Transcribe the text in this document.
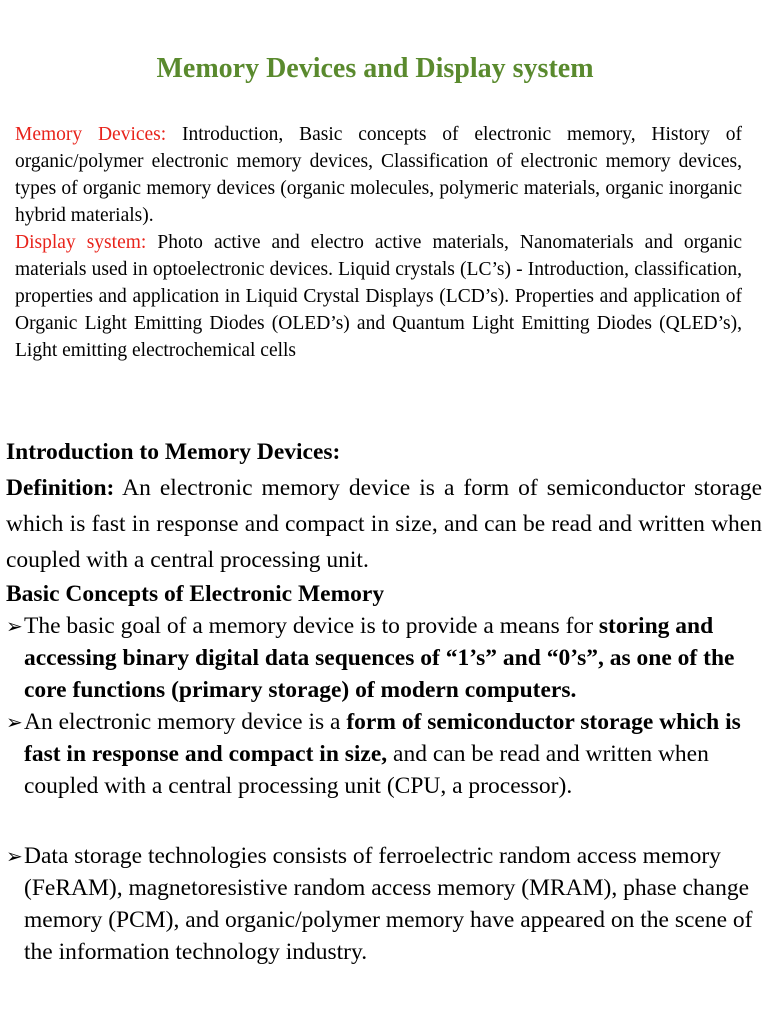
Memory Devices and Display system

Memory Devices: Introduction, Basic concepts of electronic memory, History of organic/polymer electronic memory devices, Classification of electronic memory devices, types of organic memory devices (organic molecules, polymeric materials, organic inorganic hybrid materials).

Display system: Photo active and electro active materials, Nanomaterials and organic

materials used in optoelectronic devices. Liquid crystals (LC’s) - Introduction, classification, properties and application in Liquid Crystal Displays (LCD’s). Properties and application of Organic Light Emitting Diodes (OLED’s) and Quantum Light Emitting Diodes (QLED’s), Light emitting electrochemical cells

Introduction to Memory Devices:

Definition: An electronic memory device is a form of semiconductor storage which is fast in response and compact in size, and can be read and written when coupled with a central processing unit.

Basic Concepts of Electronic Memory

➢ The basic goal of a memory device is to provide a means for storing and accessing binary digital data sequences of “1’s” and “0’s”, as one of the core functions (primary storage) of modern computers.

➢ An electronic memory device is a form of semiconductor storage which is fast in response and compact in size, and can be read and written when coupled with a central processing unit (CPU, a processor).

➢ Data storage technologies consists of ferroelectric random access memory (FeRAM), magnetoresistive random access memory (MRAM), phase change memory (PCM), and organic/polymer memory have appeared on the scene of the information technology industry.
